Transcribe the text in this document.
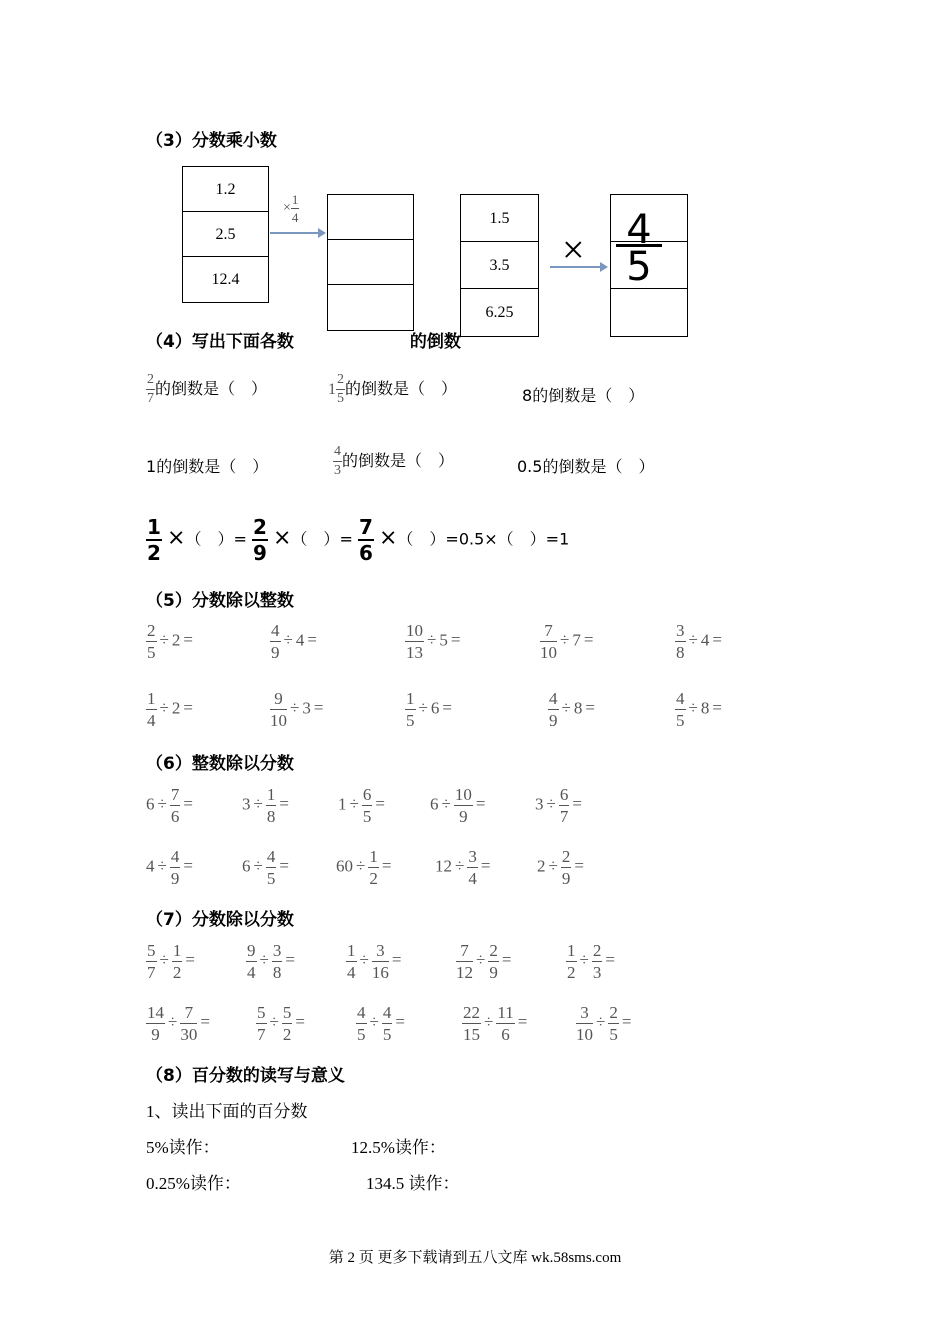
（3）分数乘小数
1.2
2.5
12.4
× $\frac{1}{4}$	1.5
3.5
6.25
×	4
5
（4）写出下面各数	的倒数
$\frac{2}{7}$ 的倒数是（　）	$1 \frac{2}{5}$ 的倒数是（　）	8的倒数是（　）
1的倒数是（　）	$\frac{4}{3}$ 的倒数是（　）	0.5的倒数是（　）
$\frac{1}{2}$ ×（　）= $\frac{2}{9}$ ×（　）= $\frac{7}{6}$ ×（　）=0.5×（　）=1
（5）分数除以整数
$\frac{2}{5} \div 2$ =	$\frac{4}{9} \div 4$ =	$\frac{10}{13} \div 5$ =	$\frac{7}{10} \div 7$ =	$\frac{3}{8} \div 4$ =
$\frac{1}{4} \div 2$ =	$\frac{9}{10} \div 3$ =	$\frac{1}{5} \div 6$ =	$\frac{4}{9} \div 8$ =	$\frac{4}{5} \div 8$ =
（6）整数除以分数
$6 \div \frac{7}{6}$ =	$3 \div \frac{1}{8}$ =	$1 \div \frac{6}{5}$ =	$6 \div \frac{10}{9}$ =	$3 \div \frac{6}{7}$ =
$4 \div \frac{4}{9}$ =	$6 \div \frac{4}{5}$ =	$60 \div \frac{1}{2}$ =	$12 \div \frac{3}{4}$ =	$2 \div \frac{2}{9}$ =
（7）分数除以分数
$\frac{5}{7} \div \frac{1}{2}$ =	$\frac{9}{4} \div \frac{3}{8}$ =	$\frac{1}{4} \div \frac{3}{16}$ =	$\frac{7}{12} \div \frac{2}{9}$ =	$\frac{1}{2} \div \frac{2}{3}$ =
$\frac{14}{9} \div \frac{7}{30}$ =	$\frac{5}{7} \div \frac{5}{2}$ =	$\frac{4}{5} \div \frac{4}{5}$ =	$\frac{22}{15} \div \frac{11}{6}$ =	$\frac{3}{10} \div \frac{2}{5}$ =
（8）百分数的读写与意义
1、读出下面的百分数
5%读作：	12.5%读作：
0.25%读作：	134.5 读作：
第 2 页 更多下载请到五八文库 wk.58sms.com
